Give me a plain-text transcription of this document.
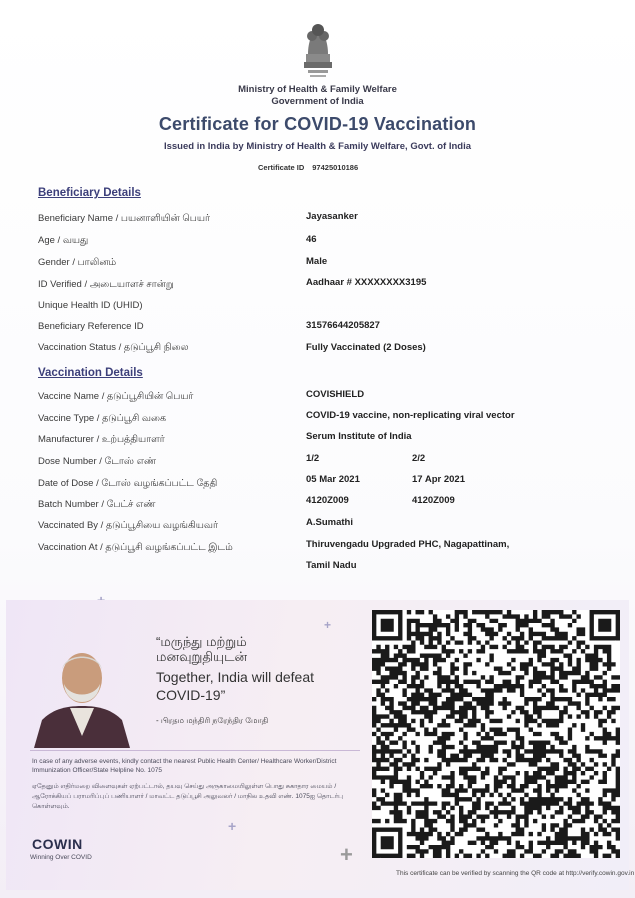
Ministry of Health & Family Welfare
Government of India
Certificate for COVID-19 Vaccination
Issued in India by Ministry of Health & Family Welfare, Govt. of India
Certificate ID 97425010186
Beneficiary Details
Beneficiary Name / பயனாளியின் பெயர்	Jayasanker
Age / வயது	46
Gender / பாலினம்	Male
ID Verified / அடையாளச் சான்று	Aadhaar # XXXXXXXX3195
Unique Health ID (UHID)
Beneficiary Reference ID	31576644205827
Vaccination Status / தடுப்பூசி நிலை	Fully Vaccinated (2 Doses)
Vaccination Details
Vaccine Name / தடுப்பூசியின் பெயர்	COVISHIELD
Vaccine Type / தடுப்பூசி வகை	COVID-19 vaccine, non-replicating viral vector
Manufacturer / உற்பத்தியாளர்	Serum Institute of India
Dose Number / டோஸ் எண்	1/2	2/2
Date of Dose / டோஸ் வழங்கப்பட்ட தேதி	05 Mar 2021	17 Apr 2021
Batch Number / பேட்ச் எண்	4120Z009	4120Z009
Vaccinated By / தடுப்பூசியை வழங்கியவர்	A.Sumathi
Vaccination At / தடுப்பூசி வழங்கப்பட்ட இடம்	Thiruvengadu Upgraded PHC, Nagapattinam,
Tamil Nadu
+
+
+
“மருந்து மற்றும்
மனவுறுதியுடன்
Together, India will defeat COVID-19”
- பிரதம மந்திரி நரேந்திர மோதி
In case of any adverse events, kindly contact the nearest Public Health Center/ Healthcare Worker/District Immunization Officer/State Helpline No. 1075
ஏதேனும் எதிர்மறை விளைவுகள் ஏற்பட்டால், தயவு செய்து அருகாமையிலுள்ள பொது சுகாதார மையம் / ஆரோக்கியப் பராமரிப்புப் பணியாளர் / மாவட்ட தடுப்பூசி அலுவலர் / மாநில உதவி எண். 1075ஐ தொடர்பு கொள்ளவும்.
COWIN
Winning Over COVID
This certificate can be verified by scanning the QR code at http://verify.cowin.gov.in
